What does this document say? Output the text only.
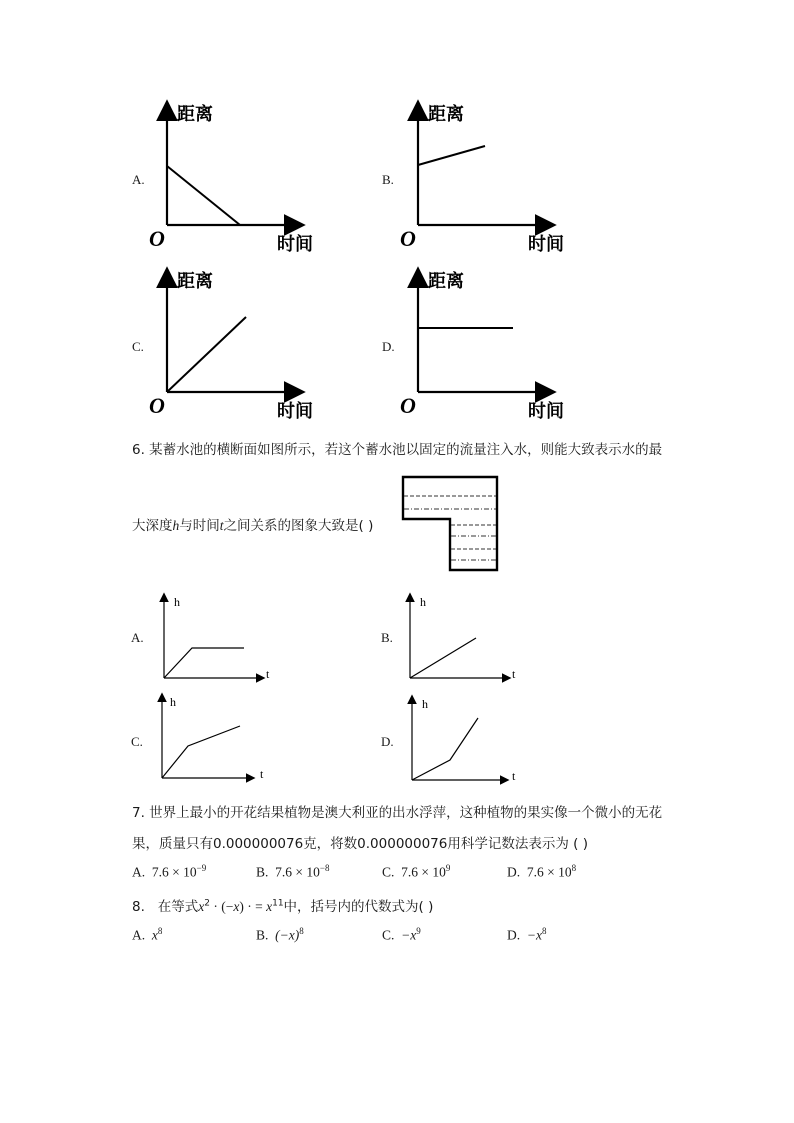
A.
距离
时间
O
B.
距离
时间
O
C.
距离
时间
O
D.
距离
时间
O
6. 某蓄水池的横断面如图所示，若这个蓄水池以固定的流量注入水，则能大致表示水的最
大深度h与时间t之间关系的图象大致是( )
A.
h
t
B.
h
t
C.
h
t
D.
h
t
7. 世界上最小的开花结果植物是澳大利亚的出水浮萍，这种植物的果实像一个微小的无花
果，质量只有0.000000076克，将数0.000000076用科学记数法表示为 ( )
A. $7.6 \times 10^{-9}$	B. $7.6 \times 10^{-8}$	C. $7.6 \times 10^9$	D. $7.6 \times 10^8$
8. 在等式$x^2 \cdot (-x)$ · = $x^{11}$中，括号内的代数式为( )
A. $x^8$	B. $(-x)^8$	C. $-x^9$	D. $-x^8$
